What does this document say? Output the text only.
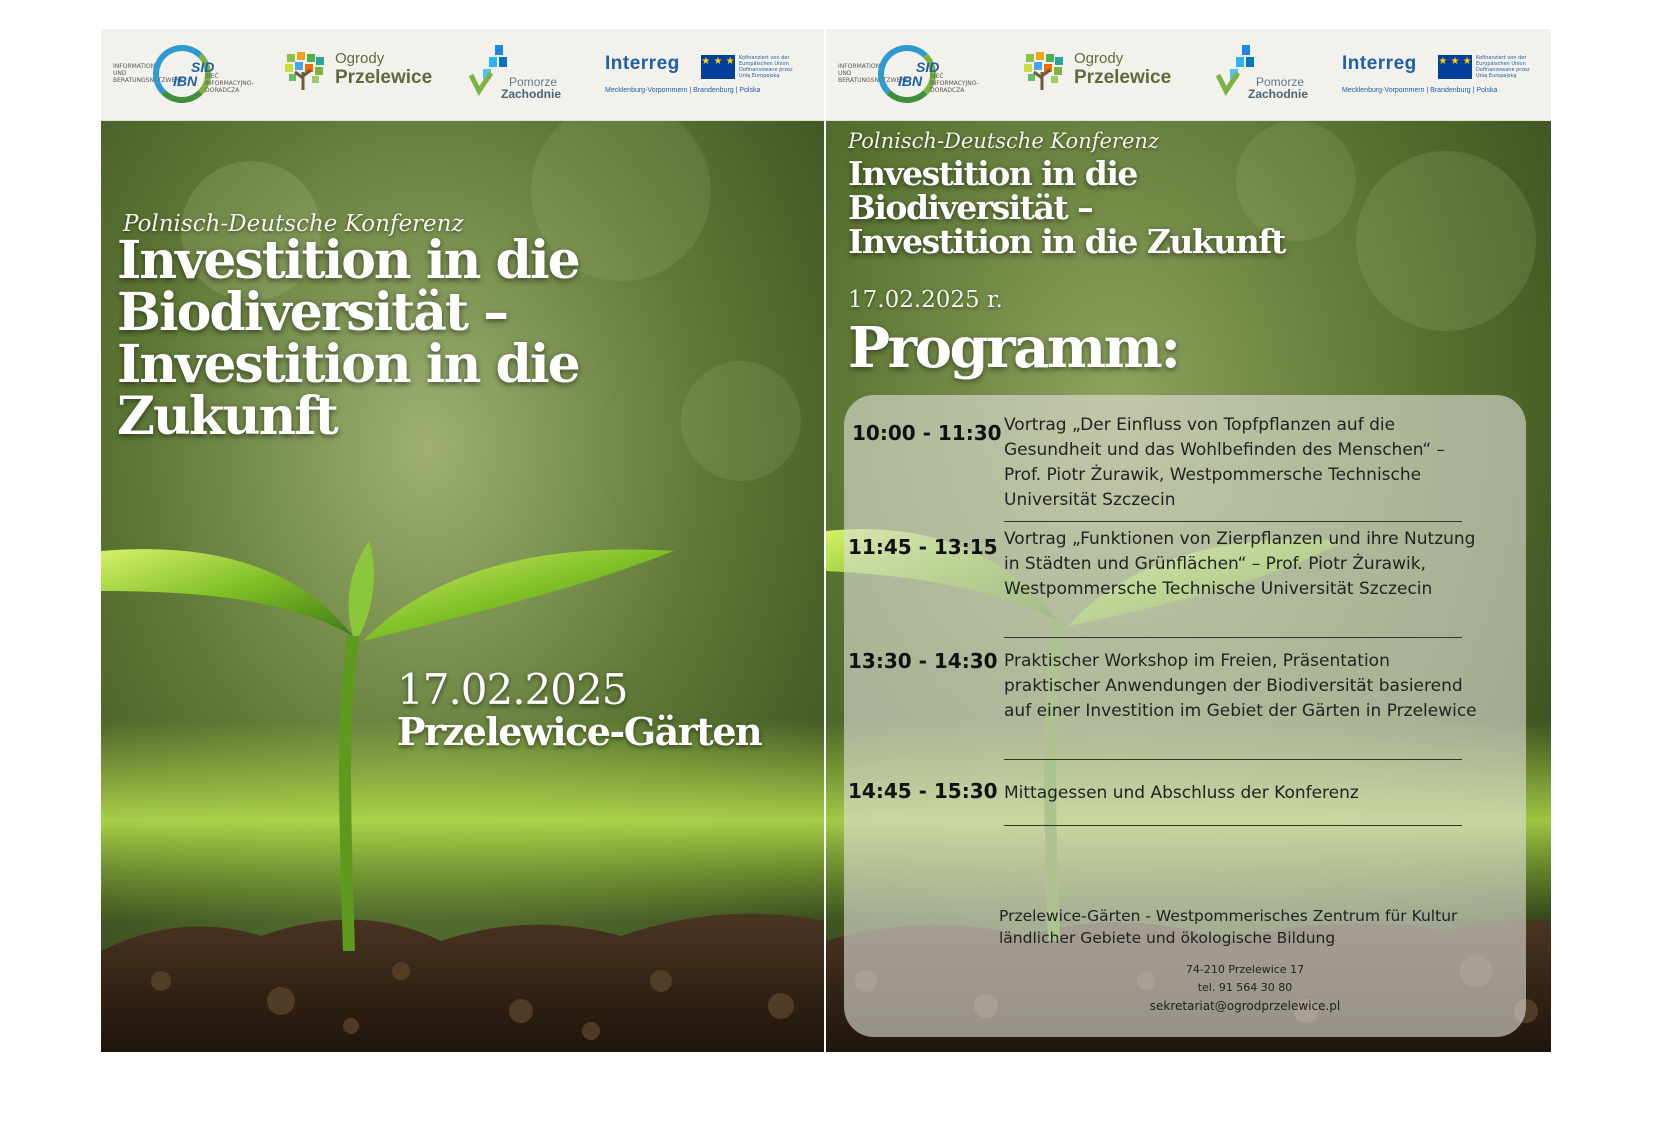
INFORMATIONS- UND BERATUNGSNETZWERK
SID
IBN SIEĆ INFORMACYJNO-DORADCZA
Ogrody
Przelewice	Pomorze
Zachodnie
Interreg ★ ★ ★ Kofinanziert von der Europäischen Union Dofinansowane przez Unię Europejską
Mecklenburg-Vorpommern | Brandenburg | Polska
Polnisch-Deutsche Konferenz
Investition in die
Biodiversität –
Investition in die
Zukunft
17.02.2025
Przelewice-Gärten
INFORMATIONS- UND BERATUNGSNETZWERK
SID
IBN SIEĆ INFORMACYJNO-DORADCZA
Ogrody
Przelewice	Pomorze
Zachodnie
Interreg ★ ★ ★ Kofinanziert von der Europäischen Union Dofinansowane przez Unię Europejską
Mecklenburg-Vorpommern | Brandenburg | Polska
Polnisch-Deutsche Konferenz
Investition in die
Biodiversität –
Investition in die Zukunft
17.02.2025 r.
Programm:
10:00 - 11:30 Vortrag „Der Einfluss von Topfpflanzen auf die Gesundheit und das Wohlbefinden des Menschen“ – Prof. Piotr Żurawik, Westpommersche Technische Universität Szczecin
11:45 - 13:15 Vortrag „Funktionen von Zierpflanzen und ihre Nutzung in Städten und Grünflächen“ – Prof. Piotr Żurawik, Westpommersche Technische Universität Szczecin
13:30 - 14:30 Praktischer Workshop im Freien, Präsentation praktischer Anwendungen der Biodiversität basierend auf einer Investition im Gebiet der Gärten in Przelewice
14:45 - 15:30 Mittagessen und Abschluss der Konferenz
Przelewice-Gärten - Westpommerisches Zentrum für Kultur ländlicher Gebiete und ökologische Bildung
74-210 Przelewice 17
tel. 91 564 30 80
sekretariat@ogrodprzelewice.pl
